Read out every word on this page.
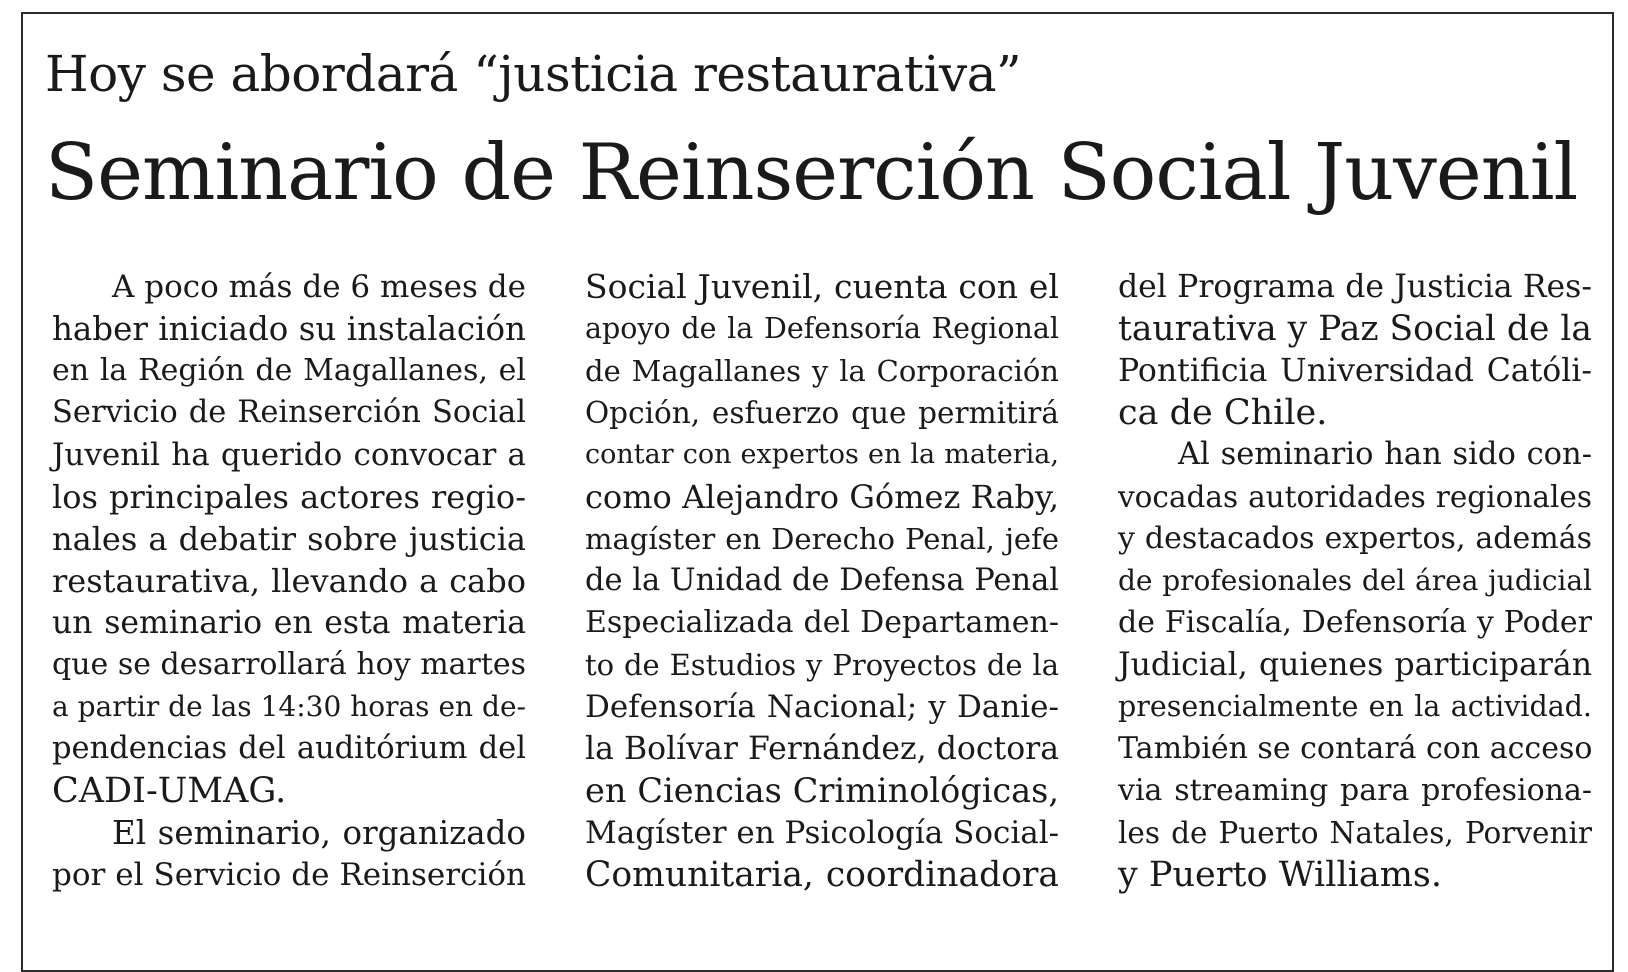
Hoy se abordará “justicia restaurativa”
Seminario de Reinserción Social Juvenil
A poco más de 6 meses de
haber iniciado su instalación
en la Región de Magallanes, el
Servicio de Reinserción Social
Juvenil ha querido convocar a
los principales actores regio-
nales a debatir sobre justicia
restaurativa, llevando a cabo
un seminario en esta materia
que se desarrollará hoy martes
a partir de las 14:30 horas en de-
pendencias del auditórium del
CADI-UMAG.
El seminario, organizado
por el Servicio de Reinserción
Social Juvenil, cuenta con el
apoyo de la Defensoría Regional
de Magallanes y la Corporación
Opción, esfuerzo que permitirá
contar con expertos en la materia,
como Alejandro Gómez Raby,
magíster en Derecho Penal, jefe
de la Unidad de Defensa Penal
Especializada del Departamen-
to de Estudios y Proyectos de la
Defensoría Nacional; y Danie-
la Bolívar Fernández, doctora
en Ciencias Criminológicas,
Magíster en Psicología Social-
Comunitaria, coordinadora
del Programa de Justicia Res-
taurativa y Paz Social de la
Pontificia Universidad Católi-
ca de Chile.
Al seminario han sido con-
vocadas autoridades regionales
y destacados expertos, además
de profesionales del área judicial
de Fiscalía, Defensoría y Poder
Judicial, quienes participarán
presencialmente en la actividad.
También se contará con acceso
via streaming para profesiona-
les de Puerto Natales, Porvenir
y Puerto Williams.
